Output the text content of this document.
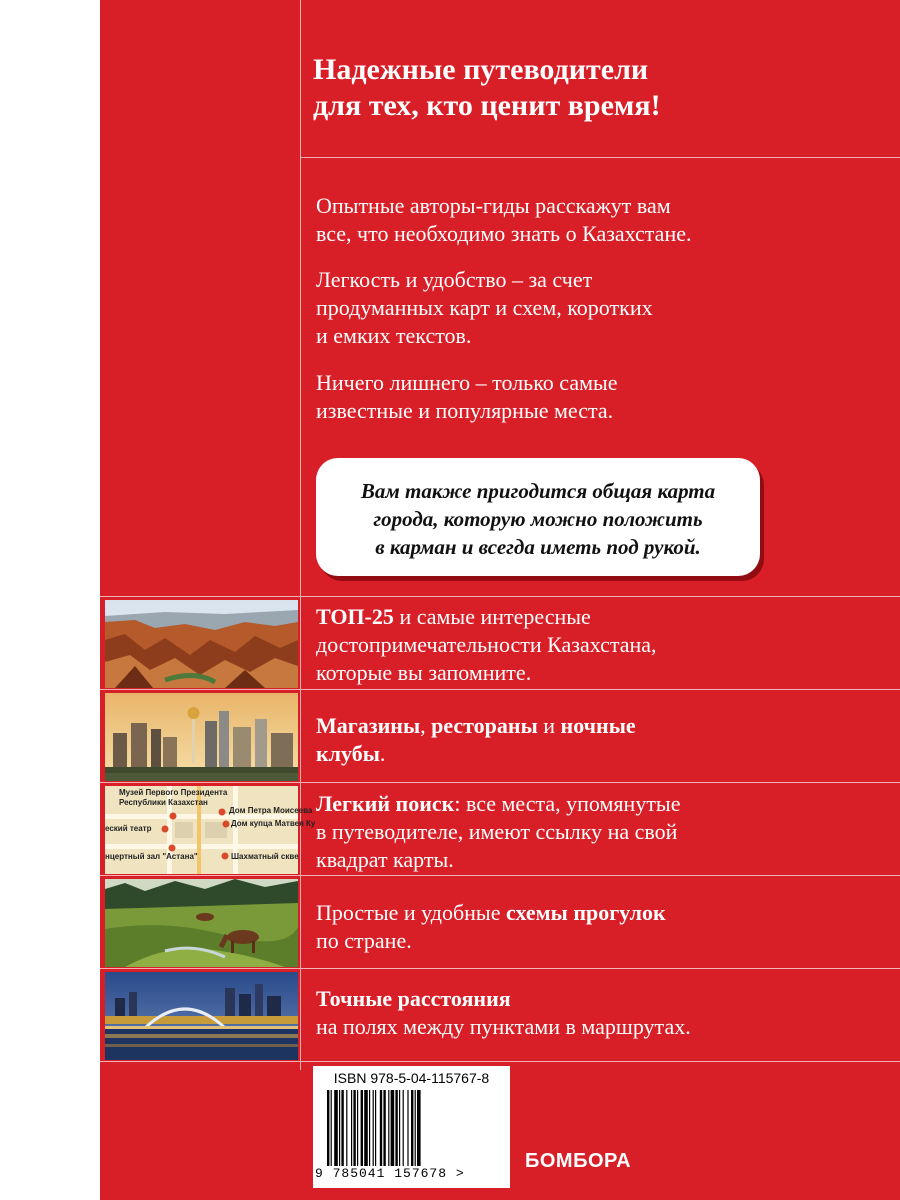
Надежные путеводители
для тех, кто ценит время!
Опытные авторы-гиды расскажут вам
все, что необходимо знать о Казахстане.
Легкость и удобство – за счет
продуманных карт и схем, коротких
и емких текстов.
Ничего лишнего – только самые
известные и популярные места.

Вам также пригодится общая карта
города, которую можно положить
в карман и всегда иметь под рукой.

Музей Первого Президента
Республики Казахстан
Дом Петра Моисеева
Дом купца Матвея Ку
еский театр
нцертный зал "Астана"	Шахматный скве
ТОП-25 и самые интересные
достопримечательности Казахстана,
которые вы запомните.
Магазины, рестораны и ночные
клубы.
Легкий поиск: все места, упомянутые
в путеводителе, имеют ссылку на свой
квадрат карты.
Простые и удобные схемы прогулок
по стране.
Точные расстояния
на полях между пунктами в маршрутах.
ISBN 978-5-04-115767-8
9 785041 157678 >
БОМБОРА
